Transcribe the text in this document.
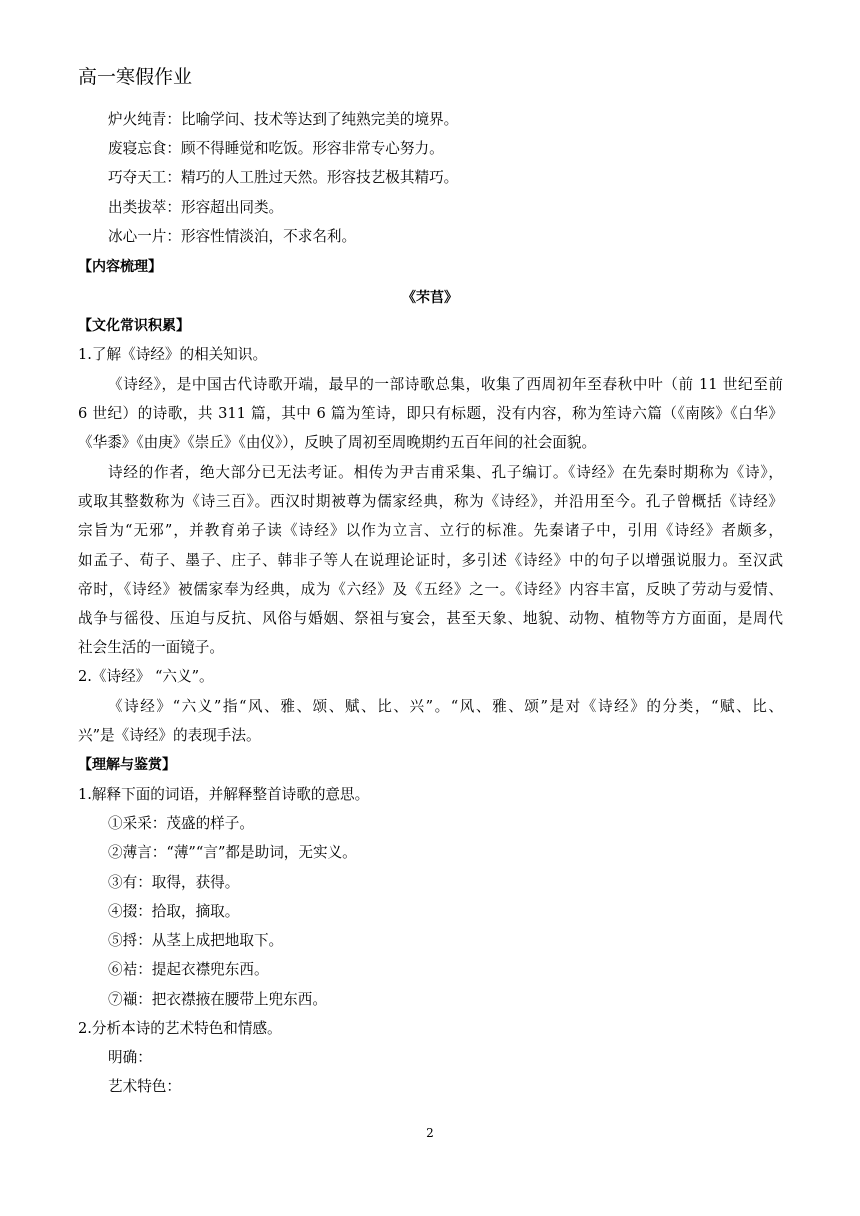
高一寒假作业
炉火纯青：比喻学问、技术等达到了纯熟完美的境界。
废寝忘食：顾不得睡觉和吃饭。形容非常专心努力。
巧夺天工：精巧的人工胜过天然。形容技艺极其精巧。
出类拔萃：形容超出同类。
冰心一片：形容性情淡泊，不求名利。
【内容梳理】
《芣苢》
【文化常识积累】
1.了解《诗经》的相关知识。
《诗经》，是中国古代诗歌开端，最早的一部诗歌总集，收集了西周初年至春秋中叶（前 11 世纪至前
6 世纪）的诗歌，共 311 篇，其中 6 篇为笙诗，即只有标题，没有内容，称为笙诗六篇（《南陔》《白华》
《华黍》《由庚》《崇丘》《由仪》），反映了周初至周晚期约五百年间的社会面貌。
诗经的作者，绝大部分已无法考证。相传为尹吉甫采集、孔子编订。《诗经》在先秦时期称为《诗》，
或取其整数称为《诗三百》。西汉时期被尊为儒家经典，称为《诗经》，并沿用至今。孔子曾概括《诗经》
宗旨为“无邪”，并教育弟子读《诗经》以作为立言、立行的标准。先秦诸子中，引用《诗经》者颇多，
如孟子、荀子、墨子、庄子、韩非子等人在说理论证时，多引述《诗经》中的句子以增强说服力。至汉武
帝时，《诗经》被儒家奉为经典，成为《六经》及《五经》之一。《诗经》内容丰富，反映了劳动与爱情、
战争与徭役、压迫与反抗、风俗与婚姻、祭祖与宴会，甚至天象、地貌、动物、植物等方方面面，是周代
社会生活的一面镜子。
2.《诗经》 “六义”。
《诗经》“六义”指“风、雅、颂、赋、比、兴”。“风、雅、颂”是对《诗经》的分类，“赋、比、
兴”是《诗经》的表现手法。
【理解与鉴赏】
1.解释下面的词语，并解释整首诗歌的意思。
①采采：茂盛的样子。
②薄言：“薄”“言”都是助词，无实义。
③有：取得，获得。
④掇：拾取，摘取。
⑤捋：从茎上成把地取下。
⑥袺：提起衣襟兜东西。
⑦襭：把衣襟掖在腰带上兜东西。
2.分析本诗的艺术特色和情感。
明确：
艺术特色：
2
